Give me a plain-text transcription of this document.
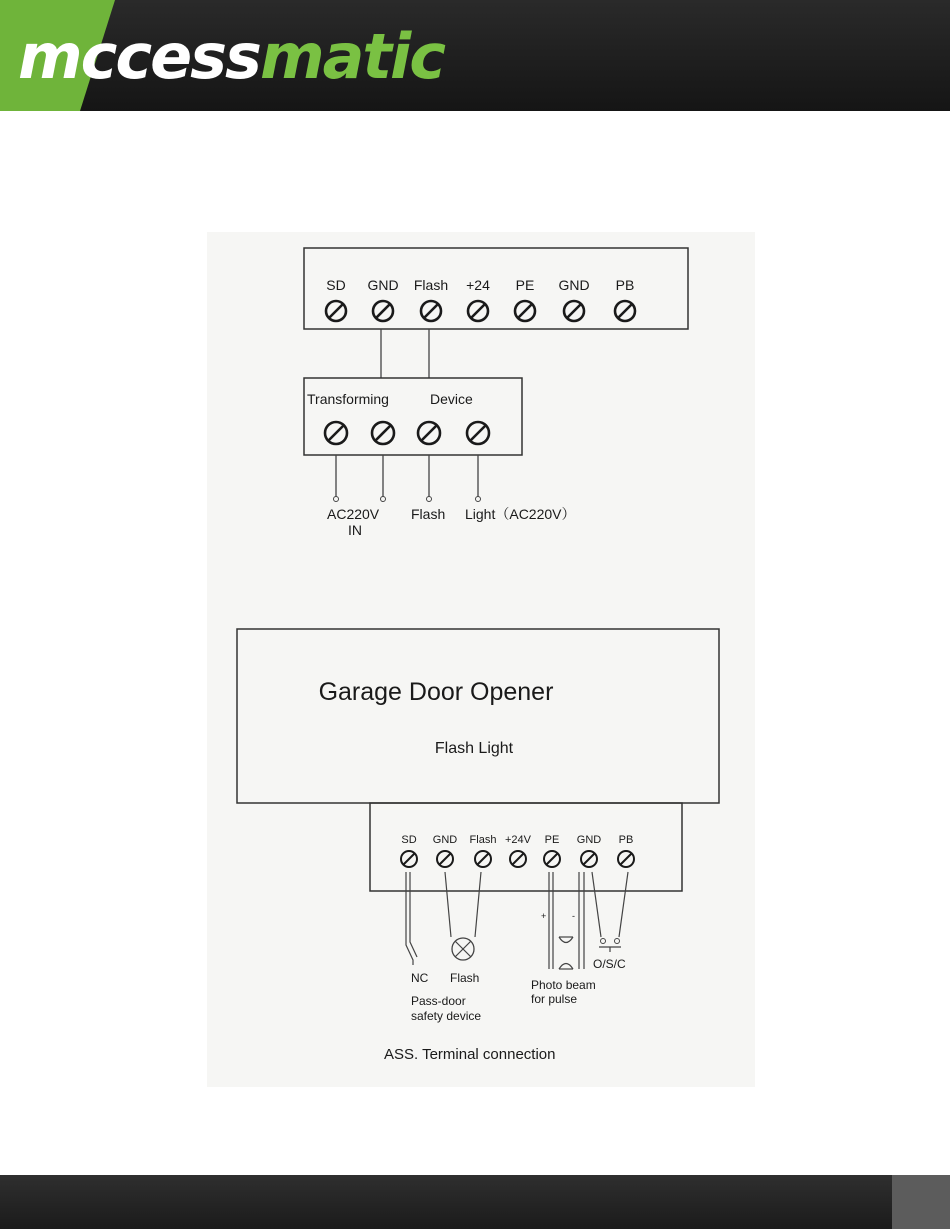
mccessmatic
SD GND Flash +24 PE GND PB
Transforming	Device
AC220V
IN
Flash Light（AC220V）
Garage Door Opener
Flash Light
SD GND Flash +24V PE GND PB
+	-
NC Flash
Pass-door
safety device
Photo beam
for pulse
O/S/C
ASS. Terminal connection
